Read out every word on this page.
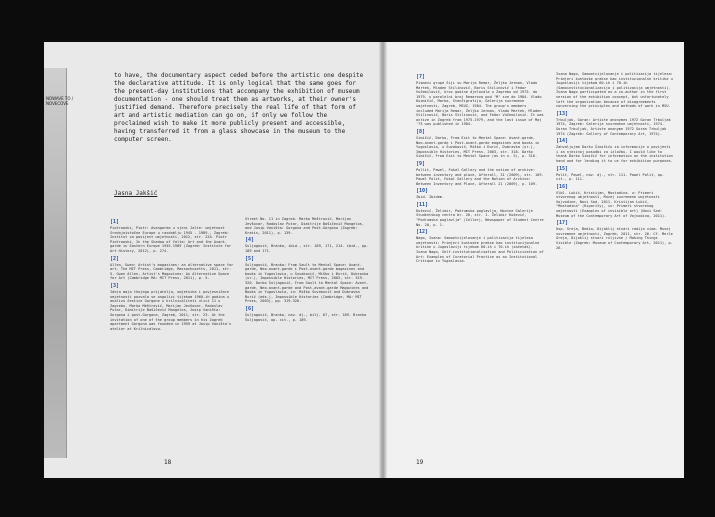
NOWAVE TO / NOVECOVE
to have, the documentary aspect ceded before the artistic one despite the declarative attitude. It is only logical that the same goes for the present-day institutions that accompany the exhibition of museum documentation - one should treat them as artworks, at their owner's justified demand. Therefore precisely the real life of that form of art and artistic mediation can go on, if only we follow the proclaimed wish to make it more publicly present and accessible, having transferred it from a glass showcase in the museum to the computer screen.
Jasna Jakšić
[1]
Piotrowski, Piotr: Avangarda u sjeni Jalte: umjetnost Srednjoistočne Europe u razdoblju 1945 - 1989., Zagreb: Institut za povijest umjetnosti, 2012, str. 224. Piotr Piotrowski, In the Shadow of Yalta: Art and the Avant-garde in Eastern Europe 1945-1989 (Zagreb: Institute for Art History, 2012), p. 274.
[2]
Allen, Gwen: Artist's magazines: an alternative space for art. The MIT Press, Cambridge, Massachusetts, 2011, str. 5. Gwen Allen, Artist's Magazines: An Alternative Space for Art (Cambridge MA: MIT Press, 2011), p. 5.
[3]
Ideja maja thojega prijatelja, umjetnika i povjesničare umjetnosti pozvala se ongolici tijekom 1960-ih godina u analizu čestice Gorgone u krilnicaliteti ulici 11 u Zagrebu. Marko Meštrović, Marijan Jevšovar, Radoslav Putar, Dimitrije Bašičević Mangelos, Josip Vaništa: Gorgona i post-Gorgona, Zagreb, 2011, str. 23. At the invitation of one of the group members in his Zagreb apartment Gorgona was founded in 1959 at Josip Vaništa's atelier at Krilnicalova.
Street No. 11 in Zagreb. Marko Meštrović, Marijan Jevšovar, Radoslav Putar, Dimitrije Bašičević Mangelos, and Josip Vaništa: Gorgona and Post-Gorgona (Zagreb: Kratis, 2011), p. 139.
[4]
Šuljagović, Branka, ibid., str. 189, 171, 214. ibid., pp. 189 and 171.
[5]
Šuljagović, Branka: From Sault to Mental Space: Avant-garde, Neo-avant-garde i Post-avant-garde magazines and books in Yugoslavia, u Šuvaković, Miško i Đurić, Dubravka (ur.), Impossible Histories, MIT Press, 2003, str. 319-320. Dorbo Šuljagović, From Sault to Mental Space: Avant-garde, Neo-avant-garde and Post-avant-garde Magazines and Books in Yugoslavia, in: Miško Šuvaković and Dubravka Đurić (eds.), Impossible Histories (Cambridge, MA: MIT Press, 2003), pp. 319-320.
[6]
Šuljagović, Branka, nav. dj., bilj. 67, str. 189. Branka Šuljagović, op. cit., p. 189.
18
[7]
Pismeni grupe čiji su Marija Remar, Željko Jerman, Vlado Martek, Mladen Stilinović, Boris Stilinović i Fedor Vučemilović, kroz godine djelovala u Zagrebu od 1975. do 1979. u paralelni broj Remarova pod "M" sve do 1984. Vlado Kuzmičić, Marko, Stenčigrafija, Galerija suvremene umjetnosti, Zagreb, MSUZ, 1984. The group's members included Marija Remar, Željko Jerman, Vlado Martek, Mladen Stilinović, Boris Stilinović, and Fedor Vučemilović. It was active in Zagreb from 1975-1979, and the last issue of Maj '75 was published in 1984.
[8]
Šimičić, Darko, From Exit to Mental Space: Avant-garde, Neo-avant-garde i Post-avant-garde magazines and books in Yugoslavia, u Šuvaković, Miško i Đurić, Dubravka (ur.), Impossible Histories, MIT Press, 2003, str. 318. Darko Šimičić, From Exit to Mental Space (as in n. 5), p. 316.
[9]
Pollit, Pawel, Fokal Gallery and the notion of archive: between inventory and place, Afterall, 31 (2009), str. 109. Pawel Polit, Fokal Gallery and the Notion of Archive: Between Inventory and Place, Afterall 21 (2009), p. 109.
[10]
Ibid. Ibidem.
[11]
Kužević, Želimir, Podrumska poglavlja, Novine Galerije Studentskog centra br. 20, str. 1. Želimir Kožević, "Podrumska poglavlja" (Cellar), Newspaper of Student Centre No. 20, p. 1.
[12]
Nago, Ivana: Samootcijelovanje i politizacija tijelesa umjetnosti: Primjeri kustoske prakse kao institucijonalne kritike u Jugoslaviji tijekom 60-ih i 70-ih (sažetak). Ivana Nago, Self-institutionalisation and Politicization of Art: Examples of Curatorial Practice as an Institutional Critique in Yugoslavia.
Ivana Nago, Samootcijelovanje i politizacija tijelesa: Primjeri kustoske prakse kao institucionalne kritike u Jugoslaviji tijekom 60-ih i 70-ih (Samoinstitucionalizacija i politizacija umjetnosti). Ivana Nago participated as a co-author in the first version of the exhibition concept, but unfortunately left the organization because of disagreements concerning the principles and methods of work in MSU.
[13]
Trbuljak, Goran: Artiste anonymes 1972 Goran Trbuljak 1974, Zagreb: Galerija suvremene umjetnosti, 1974. Goran Trbuljak, Artiste anonyme 1972 Goran Trbuljak 1974 (Zagreb: Gallery of Contemporary Art, 1974).
[14]
Zahvaljujem Darku Šimičiću za informacije o povijesti i za njezinoj posudbi za izložbu. I would like to thank Darko Šimičić for information on the institution hand and for lending it to us for exhibition purposes.
[15]
Polit, Pawel, nav. dj., str. 111. Pawel Polit, op. cit., p. 111.
[16]
Vlbl. Lukić, Kristijan, Mostadina. u: Primeri stvorenog umjetnosti, Muzej suvremene umjetnosti Vojvodine, Novi Sad, 2011. Kristijan Lukić, "Mostadina" (Riparity), in: Primeri stvorenog umjetnosti (Examples of invisible art) (Novi Sad: Museum of the Contemporary Art of Vojvodina, 2011).
[17]
Usp. Sreja, Bedia, Dijaklij stvari radija vima. Musej suvremene umjetnosti, Zagreb, 2011, str. 26. Cf. Merle Greja, Dijaklij stvari ruljivne / Making Things Visible (Zagreb: Museum of Contemporary Art, 2011), p. 26.
19
